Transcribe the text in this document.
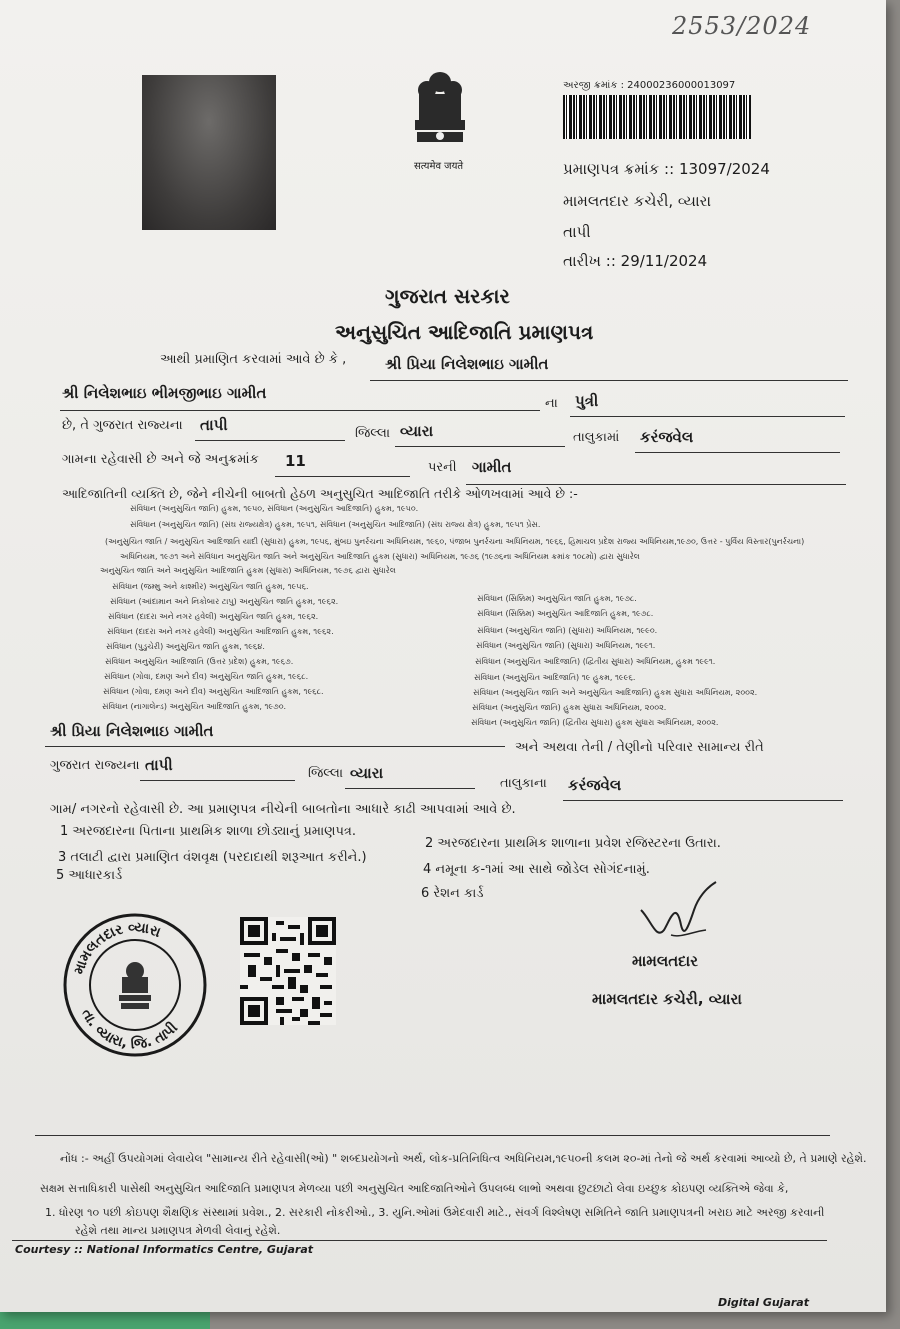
2553/2024
सत्यमेव जयते
અરજી ક્રમાંક : 24000236000013097
પ્રમાણપત્ર ક્રમાંક :: 13097/2024
મામલતદાર કચેરી, વ્યારા
તાપી
તારીખ :: 29/11/2024
ગુજરાત સરકાર
અનુસુચિત આદિજાતિ પ્રમાણપત્ર
આથી પ્રમાણિત કરવામાં આવે છે કે ,	શ્રી પ્રિયા નિલેશભાઇ ગામીત
શ્રી નિલેશભાઇ ભીમજીભાઇ ગામીત
ના પુત્રી
છે, તે ગુજરાત રાજ્યના તાપી	જિલ્લા વ્યારા	તાલુકામાં કરંજવેલ
ગામના રહેવાસી છે અને જે અનુક્રમાંક 11	પરની ગામીત
આદિજાતિની વ્યક્તિ છે, જેને નીચેની બાબતો હેઠળ અનુસુચિત આદિજાતિ તરીકે ઓળખવામાં આવે છે :-
સંવિધાન (અનુસુચિત જાતિ) હુકમ, ૧૯૫૦, સંવિધાન (અનુસુચિત આદિજાતિ) હુકમ, ૧૯૫૦.
સંવિધાન (અનુસુચિત જાતિ) (સંઘ રાજ્યક્ષેત્ર) હુકમ, ૧૯૫૧, સંવિધાન (અનુસુચિત આદિજાતિ) (સંઘ રાજ્ય ક્ષેત્ર) હુકમ, ૧૯૫૧ પ્રેસ.
(અનુસુચિત જાતિ / અનુસુચિત આદિજાતિ યાદી (સુધારા) હુકમ, ૧૯૫૬, મુંબઇ પુનર્રચના અધિનિયમ, ૧૯૬૦, પંજાબ પુનર્રચના અધિનિયમ, ૧૯૬૬, હિમાચલ પ્રદેશ રાજ્ય અધિનિયમ,૧૯૭૦, ઉત્તર - પુર્વિય વિસ્તાર(પુનર્રચના)
અધિનિયમ, ૧૯૭૧ અને સંવિધાન અનુસુચિત જાતિ અને અનુસુચિત આદિજાતિ હુકમ (સુધારા) અધિનિયમ, ૧૯૭૬ (૧૯૭૬ના અધિનિયમ ક્રમાંક ૧૦૮મો) દ્વારા સુધારેલ
અનુસુચિત જાતિ અને અનુસુચિત આદિજાતિ હુકમ (સુધારા) અધિનિયમ, ૧૯૭૬ દ્વારા સુધારેલ
સંવિધાન (જમ્મુ અને કાશ્મીર) અનુસુચિત જાતિ હુકમ, ૧૯૫૬.
સંવિધાન (આંદામાન અને નિકોબાર ટાપુ) અનુસુચિત જાતિ હુકમ, ૧૯૬૨.
સંવિધાન (દાદરા અને નગર હવેલી) અનુસુચિત જાતિ હુકમ, ૧૯૬૨.
સંવિધાન (દાદરા અને નગર હવેલી) અનુસુચિત આદિજાતિ હુકમ, ૧૯૬૨.
સંવિધાન (પુડુચેરી) અનુસુચિત જાતિ હુકમ, ૧૯૬૪.
સંવિધાન અનુસુચિત આદિજાતિ (ઉત્તર પ્રદેશ) હુકમ, ૧૯૬૭.
સંવિધાન (ગોવા, દમણ અને દીવ) અનુસુચિત જાતિ હુકમ, ૧૯૬૮.
સંવિધાન (ગોવા, દમણ અને દીવ) અનુસુચિત આદિજાતિ હુકમ, ૧૯૬૮.
સંવિધાન (નાગાલેન્ડ) અનુસુચિત આદિજાતિ હુકમ, ૧૯૭૦.
સંવિધાન (સિક્કિમ) અનુસુચિત જાતિ હુકમ, ૧૯૭૮.
સંવિધાન (સિક્કિમ) અનુસુચિત આદિજાતિ હુકમ, ૧૯૭૮.
સંવિધાન (અનુસુચિત જાતિ) (સુધારા) અધિનિયમ, ૧૯૯૦.
સંવિધાન (અનુસુચિત જાતિ) (સુધારા) અધિનિયમ, ૧૯૯૧.
સંવિધાન (અનુસુચિત આદિજાતિ) (દ્વિતીય સુધારા) અધિનિયમ, હુકમ ૧૯૯૧.
સંવિધાન (અનુસુચિત આદિજાતિ) ૧૯ હુકમ, ૧૯૯૬.
સંવિધાન (અનુસુચિત જાતિ અને અનુસુચિત આદિજાતિ) હુકમ સુધારા અધિનિયમ, ૨૦૦૨.
સંવિધાન (અનુસુચિત જાતિ) હુકમ સુધારા અધિનિયમ, ૨૦૦૨.
સંવિધાન (અનુસુચિત જાતિ) (દ્વિતીય સુધારા) હુકમ સુધારા અધિનિયમ, ૨૦૦૨.
શ્રી પ્રિયા નિલેશભાઇ ગામીત
અને અથવા તેની / તેણીનો પરિવાર સામાન્ય રીતે
ગુજરાત રાજ્યના તાપી	જિલ્લા વ્યારા
તાલુકાના કરંજવેલ
ગામ/ નગરનો રહેવાસી છે. આ પ્રમાણપત્ર નીચેની બાબતોના આધારે કાઢી આપવામાં આવે છે.
1 અરજદારના પિતાના પ્રાથમિક શાળા છોડ્યાનું પ્રમાણપત્ર.
2 અરજદારના પ્રાથમિક શાળાના પ્રવેશ રજિસ્ટરના ઉતારા.
3 તલાટી દ્વારા પ્રમાણિત વંશવૃક્ષ (પરદાદાથી શરૂઆત કરીને.)
4 નમૂના ક-૧માં આ સાથે જોડેલ સોગંદનામું.
5 આધારકાર્ડ
6 રેશન કાર્ડ
મામલતદાર વ્યારા
તા. વ્યારા, જિ. તાપી
મામલતદાર
મામલતદાર કચેરી, વ્યારા
નોંધ :- અહીં ઉપયોગમાં લેવાયેલ "સામાન્ય રીતે રહેવાસી(ઓ) " શબ્દપ્રયોગનો અર્થ, લોક-પ્રતિનિધિત્વ અધિનિયમ,૧૯૫૦ની કલમ ૨૦-માં તેનો જે અર્થ કરવામાં આવ્યો છે, તે પ્રમાણે રહેશે.
સક્ષમ સત્તાધિકારી પાસેથી અનુસુચિત આદિજાતિ પ્રમાણપત્ર મેળવ્યા પછી અનુસુચિત આદિજાતિઓને ઉપલબ્ધ લાભો અથવા છુટછાટો લેવા ઇચ્છુક કોઇપણ વ્યક્તિએ જેવા કે,
1. ધોરણ ૧૦ પછી કોઇપણ શૈક્ષણિક સંસ્થામાં પ્રવેશ., 2. સરકારી નોકરીઓ., 3. યુનિ.ઓમાં ઉમેદવારી માટે., સંવર્ગ વિશ્લેષણ સમિતિને જાતિ પ્રમાણપત્રની ખરાઇ માટે અરજી કરવાની
રહેશે તથા માન્ય પ્રમાણપત્ર મેળવી લેવાનું રહેશે.
Courtesy :: National Informatics Centre, Gujarat
Digital Gujarat
